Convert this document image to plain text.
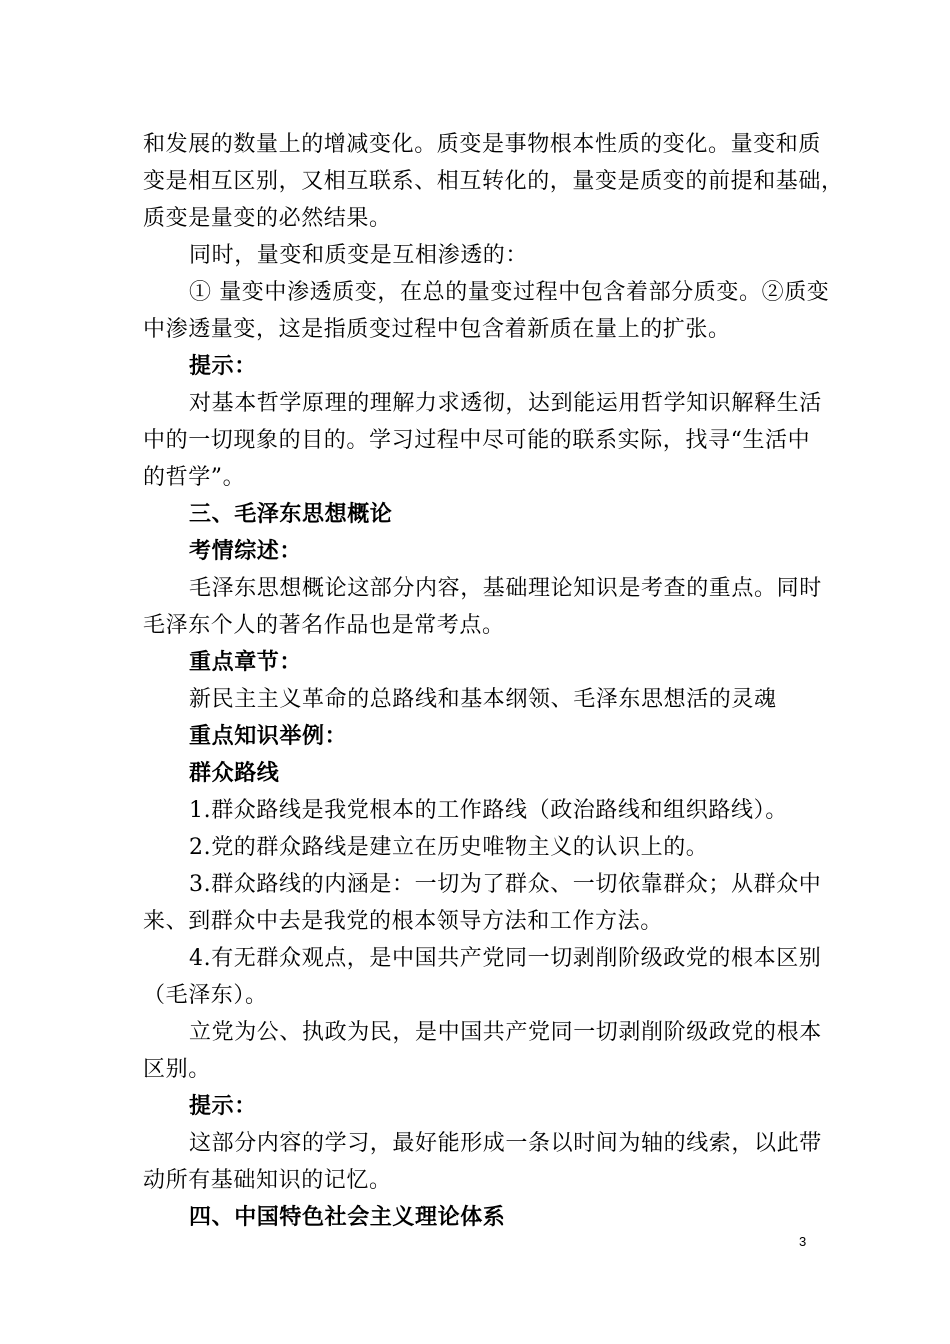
和发展的数量上的增减变化。质变是事物根本性质的变化。量变和质
变是相互区别，又相互联系、相互转化的，量变是质变的前提和基础，
质变是量变的必然结果。
同时，量变和质变是互相渗透的：
① 量变中渗透质变，在总的量变过程中包含着部分质变。②质变
中渗透量变，这是指质变过程中包含着新质在量上的扩张。
提示：
对基本哲学原理的理解力求透彻，达到能运用哲学知识解释生活
中的一切现象的目的。学习过程中尽可能的联系实际，找寻“生活中
的哲学”。
三、毛泽东思想概论
考情综述：
毛泽东思想概论这部分内容，基础理论知识是考查的重点。同时
毛泽东个人的著名作品也是常考点。
重点章节：
新民主主义革命的总路线和基本纲领、毛泽东思想活的灵魂
重点知识举例：
群众路线
1.群众路线是我党根本的工作路线（政治路线和组织路线）。
2.党的群众路线是建立在历史唯物主义的认识上的。
3.群众路线的内涵是：一切为了群众、一切依靠群众；从群众中
来、到群众中去是我党的根本领导方法和工作方法。
4.有无群众观点，是中国共产党同一切剥削阶级政党的根本区别
（毛泽东）。
立党为公、执政为民，是中国共产党同一切剥削阶级政党的根本
区别。
提示：
这部分内容的学习，最好能形成一条以时间为轴的线索，以此带
动所有基础知识的记忆。
四、中国特色社会主义理论体系
3
